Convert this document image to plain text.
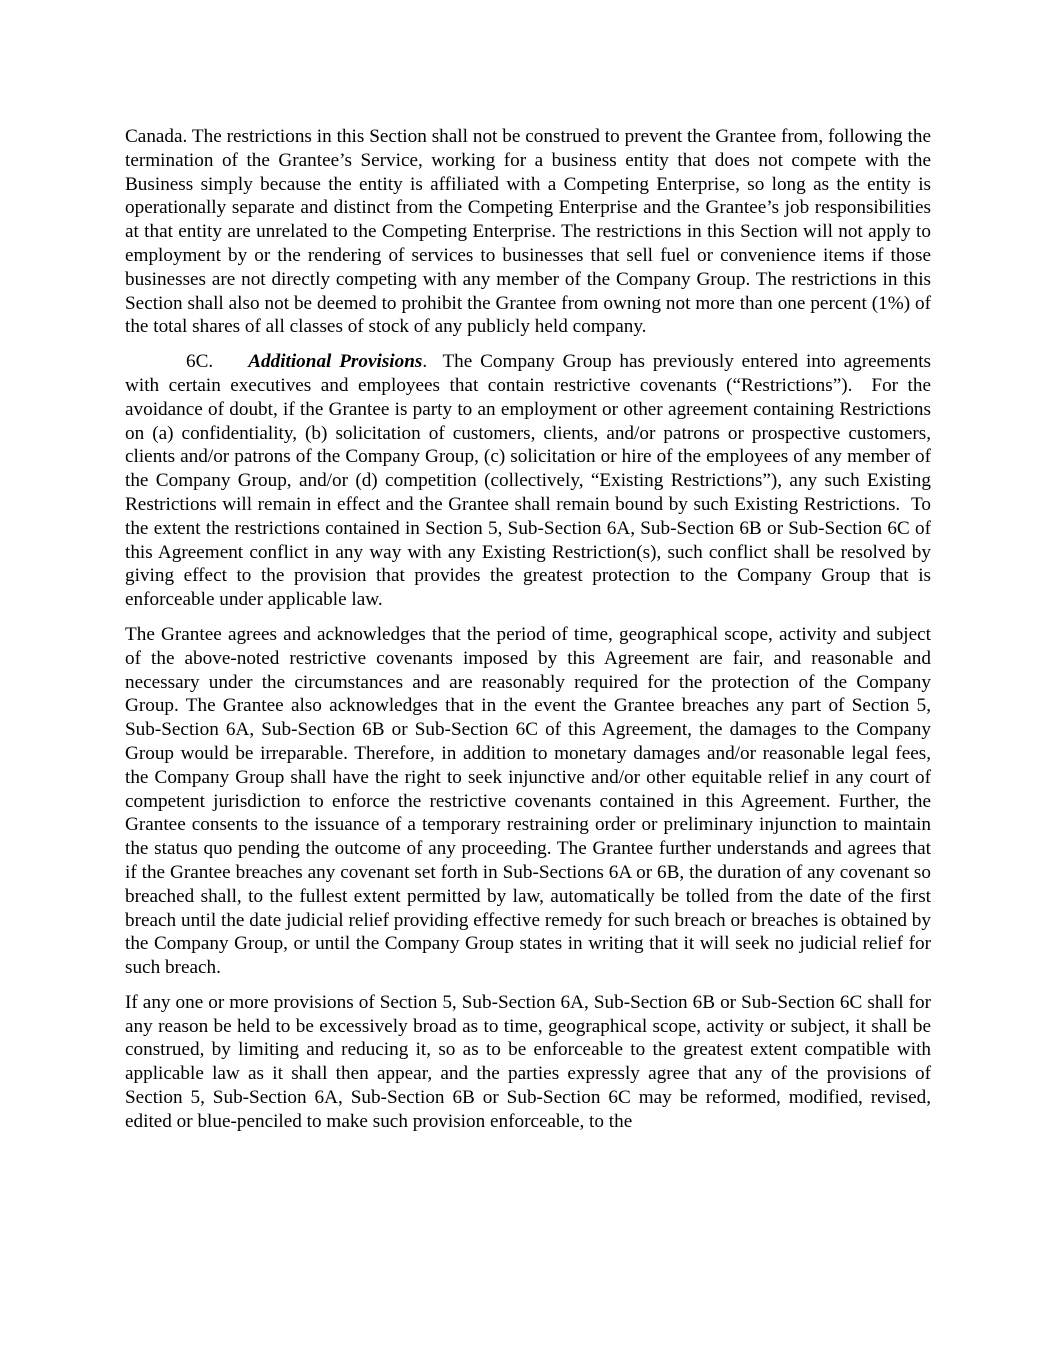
Canada. The restrictions in this Section shall not be construed to prevent the Grantee from, following the termination of the Grantee’s Service, working for a business entity that does not compete with the Business simply because the entity is affiliated with a Competing Enterprise, so long as the entity is operationally separate and distinct from the Competing Enterprise and the Grantee’s job responsibilities at that entity are unrelated to the Competing Enterprise. The restrictions in this Section will not apply to employment by or the rendering of services to businesses that sell fuel or convenience items if those businesses are not directly competing with any member of the Company Group. The restrictions in this Section shall also not be deemed to prohibit the Grantee from owning not more than one percent (1%) of the total shares of all classes of stock of any publicly held company.

6C. Additional Provisions.  The Company Group has previously entered into agreements with certain executives and employees that contain restrictive covenants (“Restrictions”).  For the avoidance of doubt, if the Grantee is party to an employment or other agreement containing Restrictions on (a) confidentiality, (b) solicitation of customers, clients, and/or patrons or prospective customers, clients and/or patrons of the Company Group, (c) solicitation or hire of the employees of any member of the Company Group, and/or (d) competition (collectively, “Existing Restrictions”), any such Existing Restrictions will remain in effect and the Grantee shall remain bound by such Existing Restrictions.  To the extent the restrictions contained in Section 5, Sub-Section 6A, Sub-Section 6B or Sub-Section 6C of this Agreement conflict in any way with any Existing Restriction(s), such conflict shall be resolved by giving effect to the provision that provides the greatest protection to the Company Group that is enforceable under applicable law.

The Grantee agrees and acknowledges that the period of time, geographical scope, activity and subject of the above-noted restrictive covenants imposed by this Agreement are fair, and reasonable and necessary under the circumstances and are reasonably required for the protection of the Company Group. The Grantee also acknowledges that in the event the Grantee breaches any part of Section 5, Sub-Section 6A, Sub-Section 6B or Sub-Section 6C of this Agreement, the damages to the Company Group would be irreparable. Therefore, in addition to monetary damages and/or reasonable legal fees, the Company Group shall have the right to seek injunctive and/or other equitable relief in any court of competent jurisdiction to enforce the restrictive covenants contained in this Agreement. Further, the Grantee consents to the issuance of a temporary restraining order or preliminary injunction to maintain the status quo pending the outcome of any proceeding. The Grantee further understands and agrees that if the Grantee breaches any covenant set forth in Sub-Sections 6A or 6B, the duration of any covenant so breached shall, to the fullest extent permitted by law, automatically be tolled from the date of the first breach until the date judicial relief providing effective remedy for such breach or breaches is obtained by the Company Group, or until the Company Group states in writing that it will seek no judicial relief for such breach.

If any one or more provisions of Section 5, Sub-Section 6A, Sub-Section 6B or Sub-Section 6C shall for any reason be held to be excessively broad as to time, geographical scope, activity or subject, it shall be construed, by limiting and reducing it, so as to be enforceable to the greatest extent compatible with applicable law as it shall then appear, and the parties expressly agree that any of the provisions of Section 5, Sub-Section 6A, Sub-Section 6B or Sub-Section 6C may be reformed, modified, revised, edited or blue-penciled to make such provision enforceable, to the
